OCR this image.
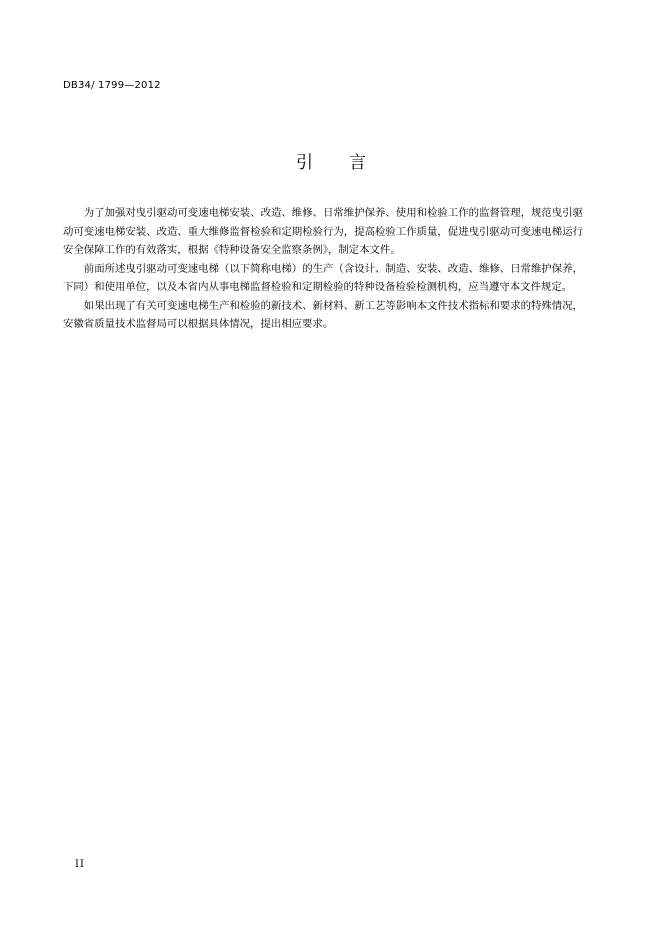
DB34/ 1799—2012
引言

为了加强对曳引驱动可变速电梯安装、改造、维修、日常维护保养、使用和检验工作的监督管理，规范曳引驱动可变速电梯安装、改造、重大维修监督检验和定期检验行为，提高检验工作质量，促进曳引驱动可变速电梯运行安全保障工作的有效落实，根据《特种设备安全监察条例》，制定本文件。

前面所述曳引驱动可变速电梯（以下简称电梯）的生产（含设计、制造、安装、改造、维修、日常维护保养，下同）和使用单位，以及本省内从事电梯监督检验和定期检验的特种设备检验检测机构，应当遵守本文件规定。

如果出现了有关可变速电梯生产和检验的新技术、新材料、新工艺等影响本文件技术指标和要求的特殊情况，安徽省质量技术监督局可以根据具体情况，提出相应要求。

II
